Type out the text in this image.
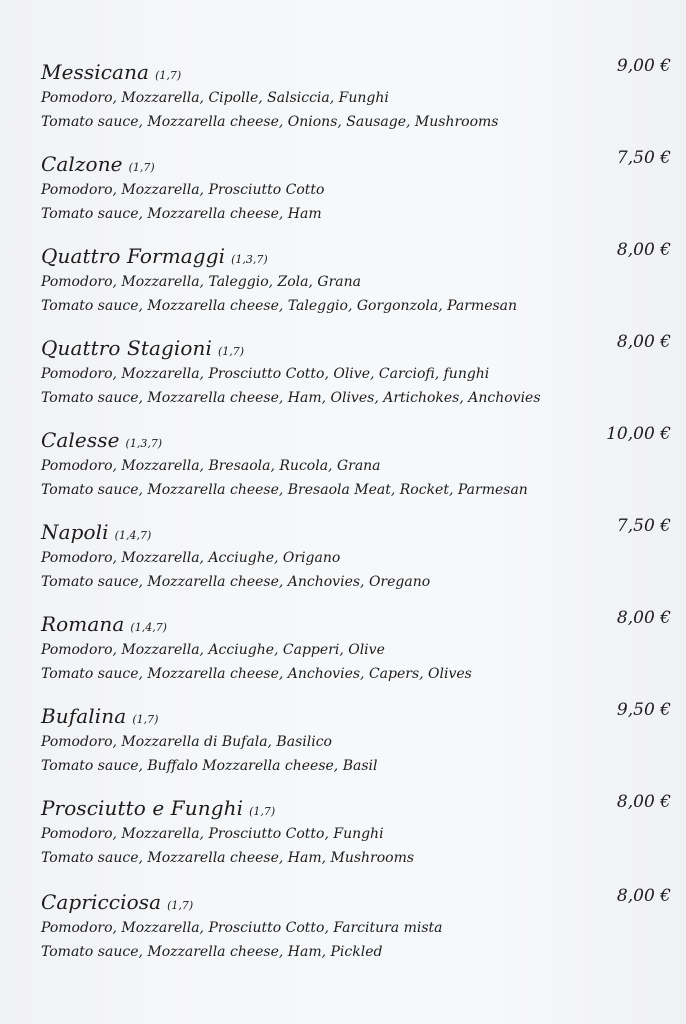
Messicana (1,7)	9,00 €
Pomodoro, Mozzarella, Cipolle, Salsiccia, Funghi
Tomato sauce, Mozzarella cheese, Onions, Sausage, Mushrooms
Calzone (1,7)	7,50 €
Pomodoro, Mozzarella, Prosciutto Cotto
Tomato sauce, Mozzarella cheese, Ham
Quattro Formaggi (1,3,7)	8,00 €
Pomodoro, Mozzarella, Taleggio, Zola, Grana
Tomato sauce, Mozzarella cheese, Taleggio, Gorgonzola, Parmesan
Quattro Stagioni (1,7)	8,00 €
Pomodoro, Mozzarella, Prosciutto Cotto, Olive, Carciofi, funghi
Tomato sauce, Mozzarella cheese, Ham, Olives, Artichokes, Anchovies
Calesse (1,3,7)	10,00 €
Pomodoro, Mozzarella, Bresaola, Rucola, Grana
Tomato sauce, Mozzarella cheese, Bresaola Meat, Rocket, Parmesan
Napoli (1,4,7)	7,50 €
Pomodoro, Mozzarella, Acciughe, Origano
Tomato sauce, Mozzarella cheese, Anchovies, Oregano
Romana (1,4,7)	8,00 €
Pomodoro, Mozzarella, Acciughe, Capperi, Olive
Tomato sauce, Mozzarella cheese, Anchovies, Capers, Olives
Bufalina (1,7)	9,50 €
Pomodoro, Mozzarella di Bufala, Basilico
Tomato sauce, Buffalo Mozzarella cheese, Basil
Prosciutto e Funghi (1,7)	8,00 €
Pomodoro, Mozzarella, Prosciutto Cotto, Funghi
Tomato sauce, Mozzarella cheese, Ham, Mushrooms
Capricciosa (1,7)	8,00 €
Pomodoro, Mozzarella, Prosciutto Cotto, Farcitura mista
Tomato sauce, Mozzarella cheese, Ham, Pickled
